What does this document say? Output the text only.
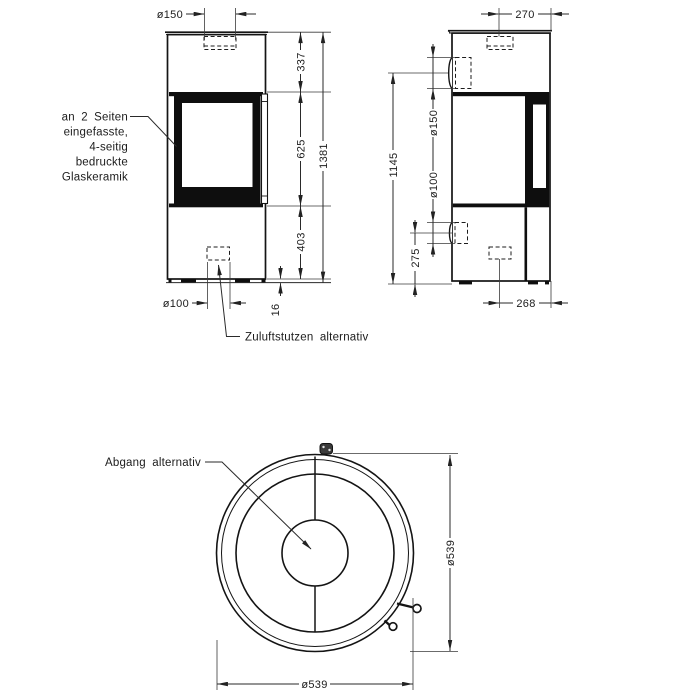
ø150
337
625
403
1381
16
ø100
Zuluftstutzen alternativ
an 2 Seiten
eingefasste,
4-seitig
bedruckte
Glaskeramik
270
1145
ø150
ø100
275
268
ø539
ø539
Abgang alternativ
